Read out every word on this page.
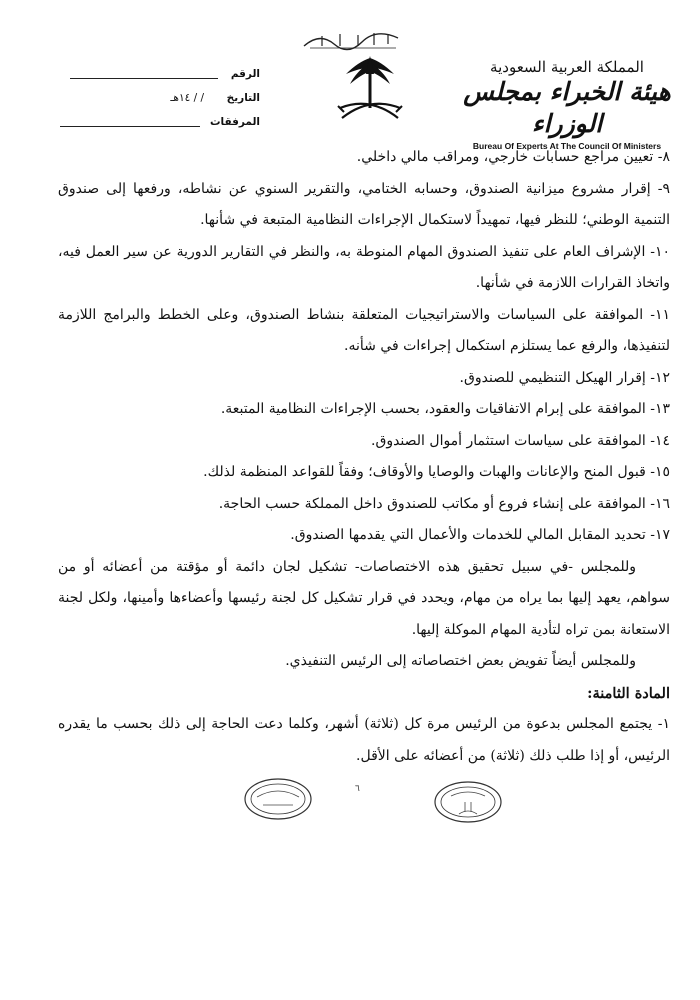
المملكة العربية السعودية
هيئة الخبراء بمجلس الوزراء
Bureau Of Experts At The Council Of Ministers
الرقم
التاريخ
/ / ١٤هـ
المرفقات

٨- تعيين مراجع حسابات خارجي، ومراقب مالي داخلي.

٩- إقرار مشروع ميزانية الصندوق، وحسابه الختامي، والتقرير السنوي عن نشاطه، ورفعها إلى صندوق التنمية الوطني؛ للنظر فيها، تمهيداً لاستكمال الإجراءات النظامية المتبعة في شأنها.

١٠- الإشراف العام على تنفيذ الصندوق المهام المنوطة به، والنظر في التقارير الدورية عن سير العمل فيه، واتخاذ القرارات اللازمة في شأنها.

١١- الموافقة على السياسات والاستراتيجيات المتعلقة بنشاط الصندوق، وعلى الخطط والبرامج اللازمة لتنفيذها، والرفع عما يستلزم استكمال إجراءات في شأنه.

١٢- إقرار الهيكل التنظيمي للصندوق.

١٣- الموافقة على إبرام الاتفاقيات والعقود، بحسب الإجراءات النظامية المتبعة.

١٤- الموافقة على سياسات استثمار أموال الصندوق.

١٥- قبول المنح والإعانات والهبات والوصايا والأوقاف؛ وفقاً للقواعد المنظمة لذلك.

١٦- الموافقة على إنشاء فروع أو مكاتب للصندوق داخل المملكة حسب الحاجة.

١٧- تحديد المقابل المالي للخدمات والأعمال التي يقدمها الصندوق.

وللمجلس -في سبيل تحقيق هذه الاختصاصات- تشكيل لجان دائمة أو مؤقتة من أعضائه أو من سواهم، يعهد إليها بما يراه من مهام، ويحدد في قرار تشكيل كل لجنة رئيسها وأعضاءها وأمينها، ولكل لجنة الاستعانة بمن تراه لتأدية المهام الموكلة إليها.

وللمجلس أيضاً تفويض بعض اختصاصاته إلى الرئيس التنفيذي.

المادة الثامنة:

١- يجتمع المجلس بدعوة من الرئيس مرة كل (ثلاثة) أشهر، وكلما دعت الحاجة إلى ذلك بحسب ما يقدره الرئيس، أو إذا طلب ذلك (ثلاثة) من أعضائه على الأقل.

٦
